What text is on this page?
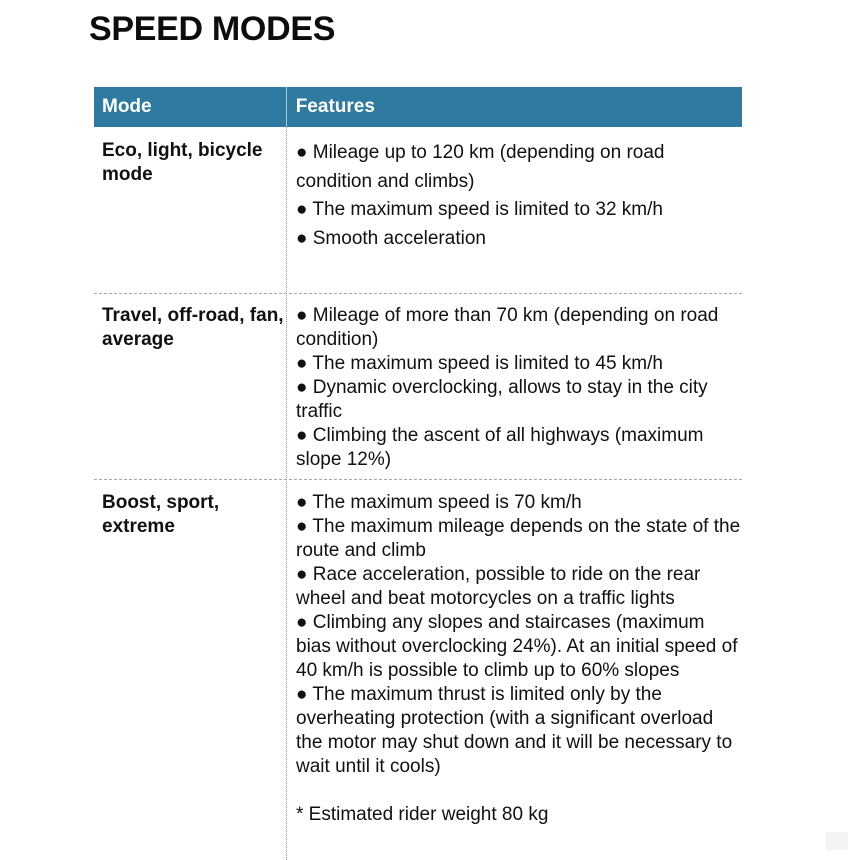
SPEED MODES
Mode	Features
Eco, light, bicycle mode

● Mileage up to 120 km (depending on road condition and climbs)

● The maximum speed is limited to 32 km/h

● Smooth acceleration

Travel, off-road, fan, average

● Mileage of more than 70 km (depending on road condition)

● The maximum speed is limited to 45 km/h

● Dynamic overclocking, allows to stay in the city traffic

● Climbing the ascent of all highways (maximum slope 12%)

Boost, sport, extreme

● The maximum speed is 70 km/h

● The maximum mileage depends on the state of the route and climb

● Race acceleration, possible to ride on the rear wheel and beat motorcycles on a traffic lights

● Climbing any slopes and staircases (maximum bias without overclocking 24%). At an initial speed of 40 km/h is possible to climb up to 60% slopes

● The maximum thrust is limited only by the overheating protection (with a significant overload the motor may shut down and it will be necessary to wait until it cools)

* Estimated rider weight 80 kg
